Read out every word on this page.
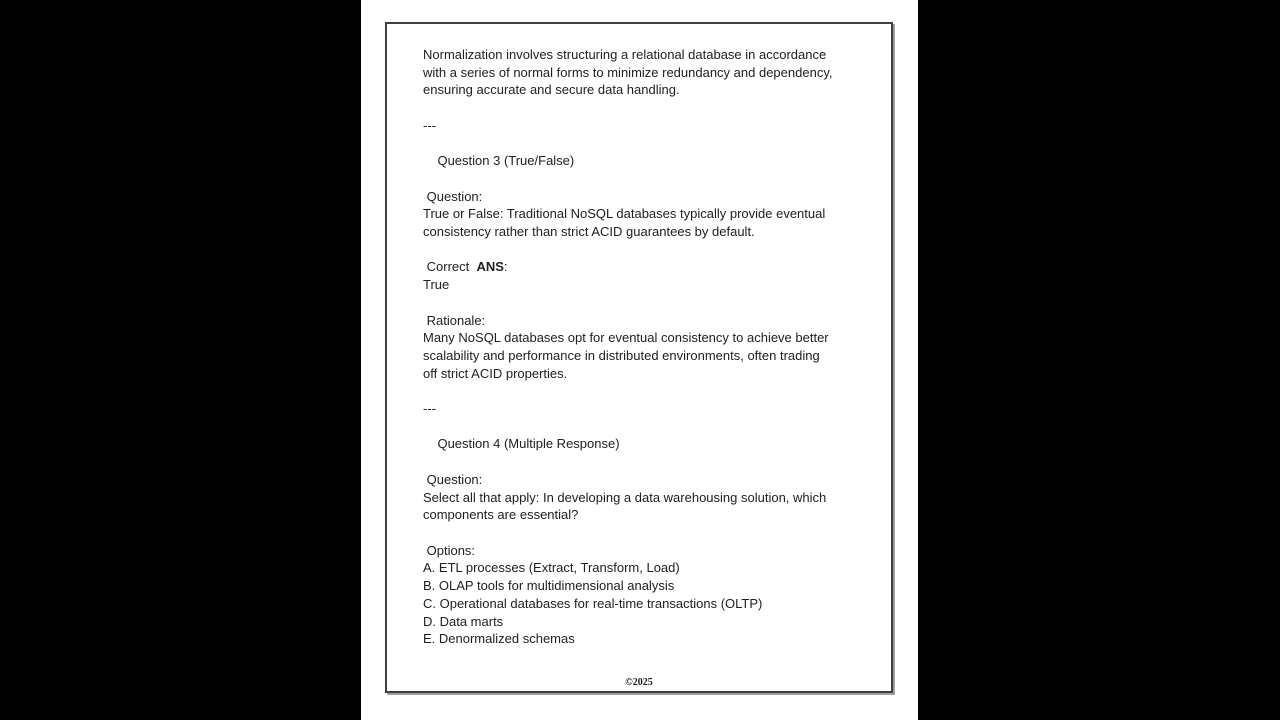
Normalization involves structuring a relational database in accordance
with a series of normal forms to minimize redundancy and dependency,
ensuring accurate and secure data handling.

---

Question 3 (True/False)

Question:
True or False: Traditional NoSQL databases typically provide eventual
consistency rather than strict ACID guarantees by default.

Correct  ANS:
True

Rationale:
Many NoSQL databases opt for eventual consistency to achieve better
scalability and performance in distributed environments, often trading
off strict ACID properties.

---

Question 4 (Multiple Response)

Question:
Select all that apply: In developing a data warehousing solution, which
components are essential?

Options:
A. ETL processes (Extract, Transform, Load)
B. OLAP tools for multidimensional analysis
C. Operational databases for real-time transactions (OLTP)
D. Data marts
E. Denormalized schemas
©2025
